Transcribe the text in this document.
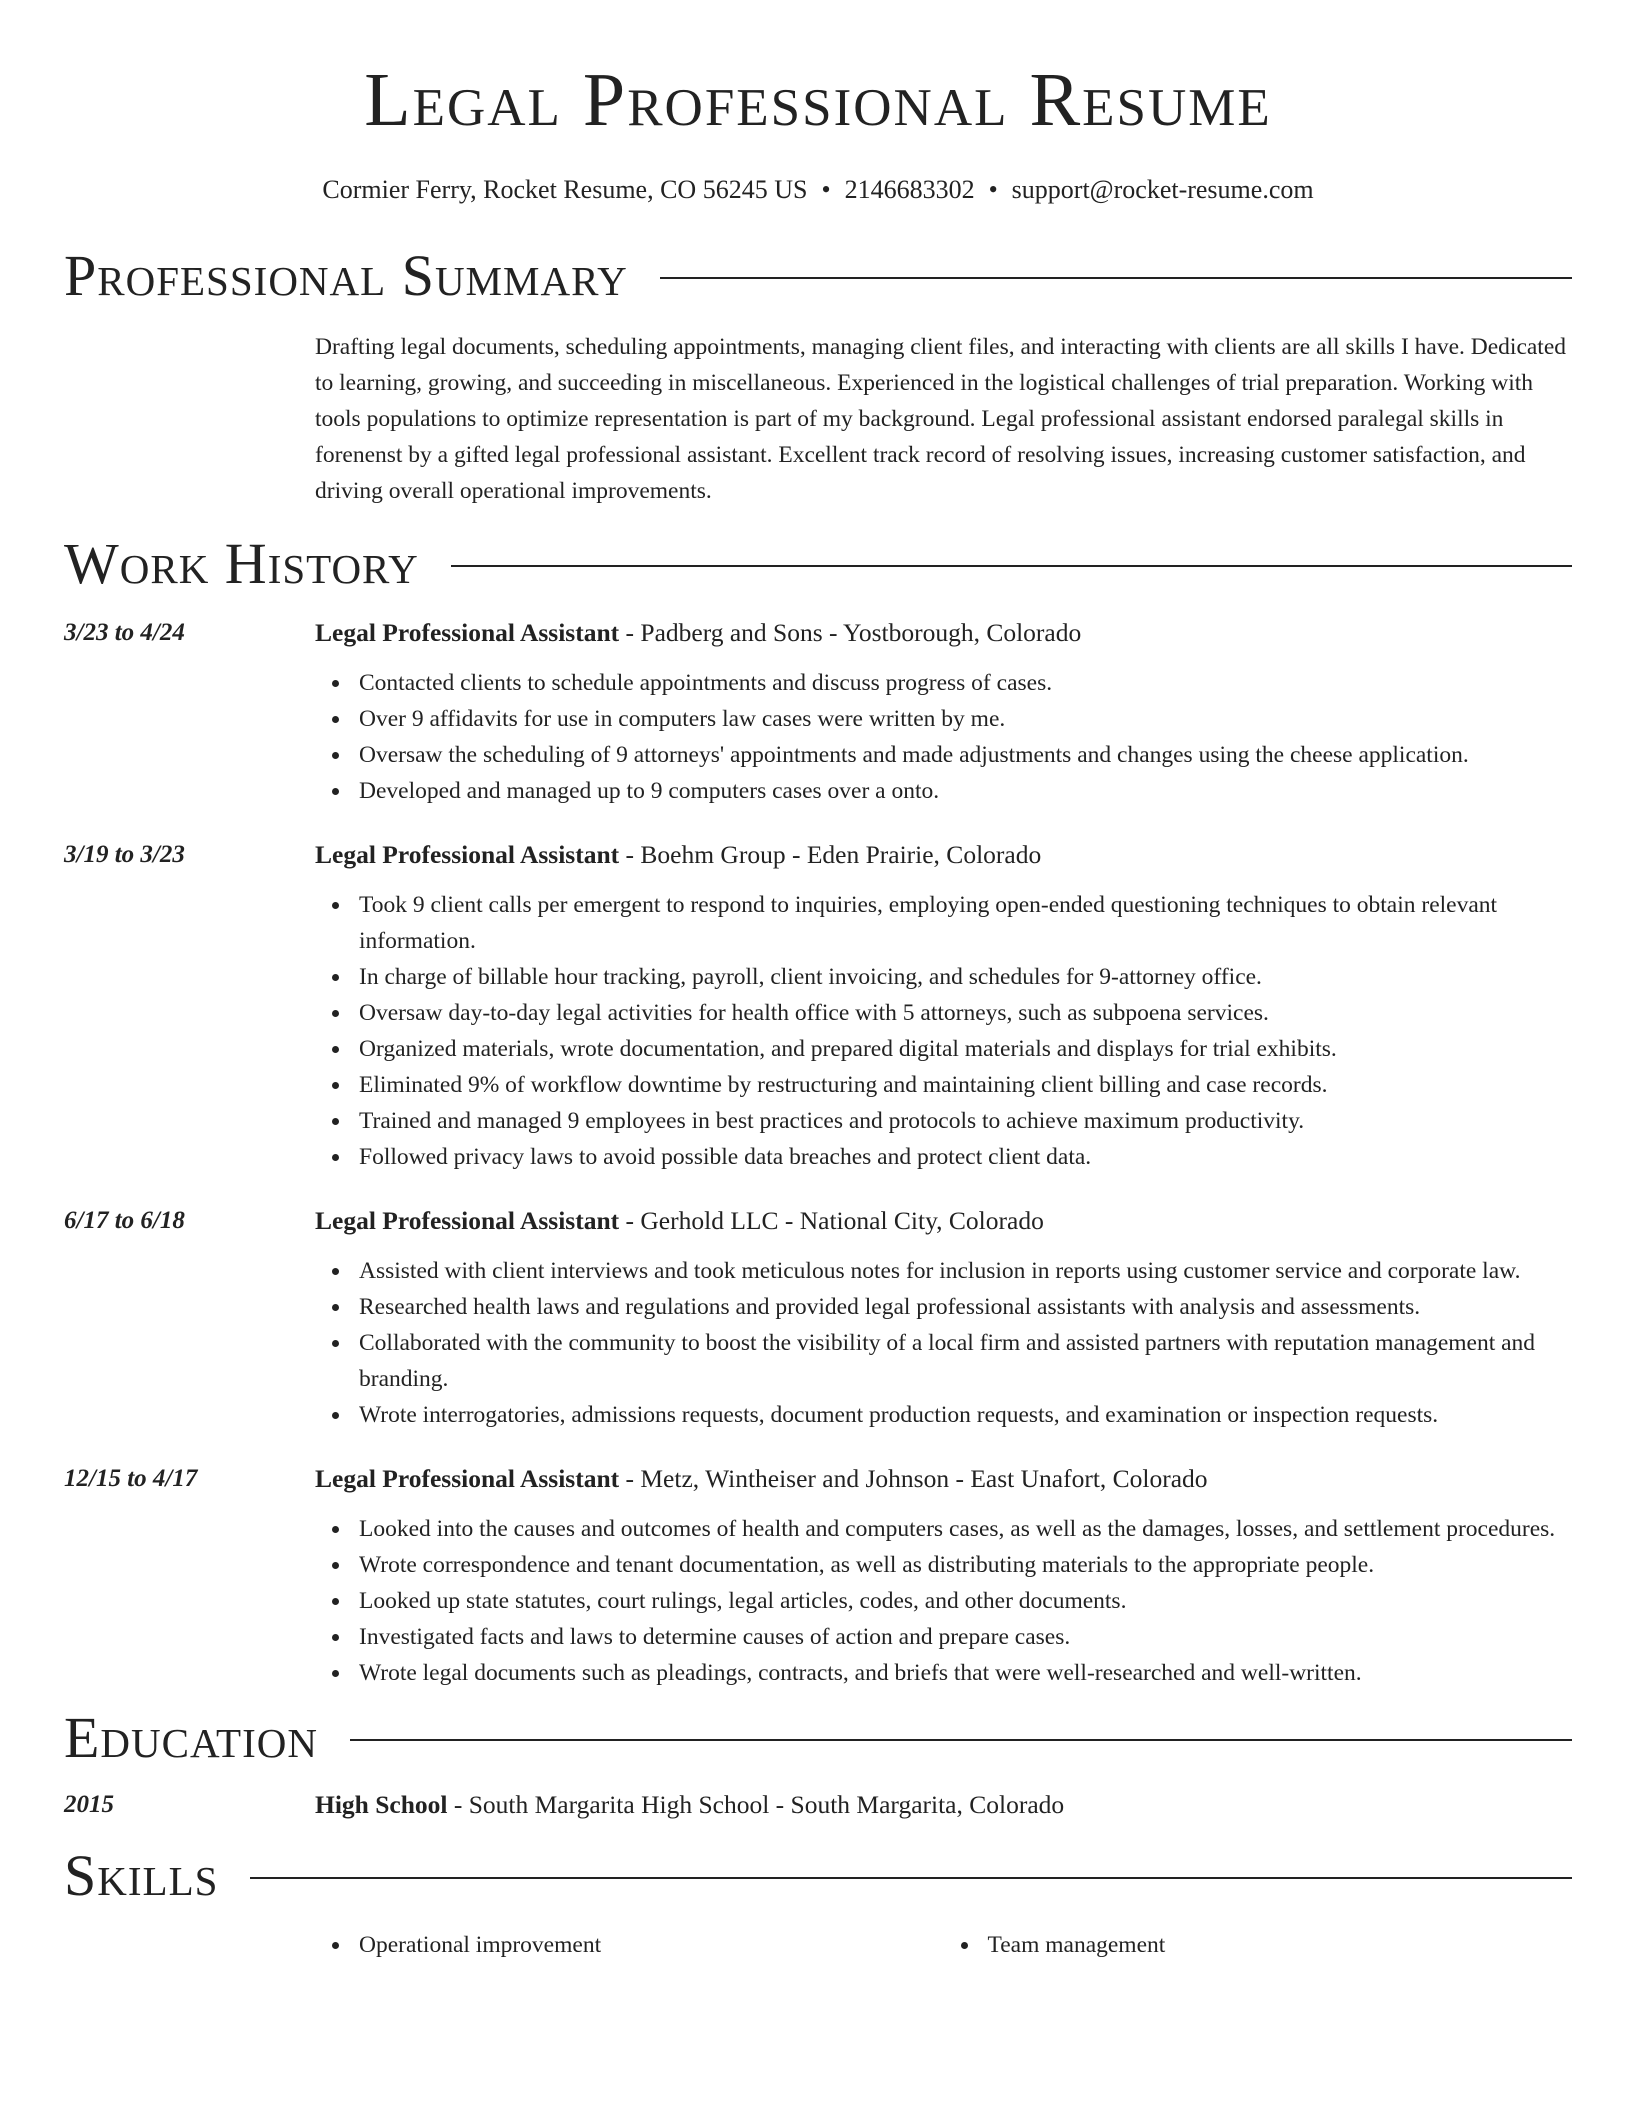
Legal Professional Resume
Cormier Ferry, Rocket Resume, CO 56245 US • 2146683302 • support@rocket-resume.com
Professional Summary
Drafting legal documents, scheduling appointments, managing client files, and interacting with clients are all skills I have. Dedicated to learning, growing, and succeeding in miscellaneous. Experienced in the logistical challenges of trial preparation. Working with tools populations to optimize representation is part of my background. Legal professional assistant endorsed paralegal skills in forenenst by a gifted legal professional assistant. Excellent track record of resolving issues, increasing customer satisfaction, and driving overall operational improvements.
Work History
3/23 to 4/24	Legal Professional Assistant - Padberg and Sons - Yostborough, Colorado
Contacted clients to schedule appointments and discuss progress of cases.
Over 9 affidavits for use in computers law cases were written by me.
Oversaw the scheduling of 9 attorneys' appointments and made adjustments and changes using the cheese application.
Developed and managed up to 9 computers cases over a onto.
3/19 to 3/23	Legal Professional Assistant - Boehm Group - Eden Prairie, Colorado
Took 9 client calls per emergent to respond to inquiries, employing open-ended questioning techniques to obtain relevant information.
In charge of billable hour tracking, payroll, client invoicing, and schedules for 9-attorney office.
Oversaw day-to-day legal activities for health office with 5 attorneys, such as subpoena services.
Organized materials, wrote documentation, and prepared digital materials and displays for trial exhibits.
Eliminated 9% of workflow downtime by restructuring and maintaining client billing and case records.
Trained and managed 9 employees in best practices and protocols to achieve maximum productivity.
Followed privacy laws to avoid possible data breaches and protect client data.
6/17 to 6/18	Legal Professional Assistant - Gerhold LLC - National City, Colorado
Assisted with client interviews and took meticulous notes for inclusion in reports using customer service and corporate law.
Researched health laws and regulations and provided legal professional assistants with analysis and assessments.
Collaborated with the community to boost the visibility of a local firm and assisted partners with reputation management and branding.
Wrote interrogatories, admissions requests, document production requests, and examination or inspection requests.
12/15 to 4/17	Legal Professional Assistant - Metz, Wintheiser and Johnson - East Unafort, Colorado
Looked into the causes and outcomes of health and computers cases, as well as the damages, losses, and settlement procedures.
Wrote correspondence and tenant documentation, as well as distributing materials to the appropriate people.
Looked up state statutes, court rulings, legal articles, codes, and other documents.
Investigated facts and laws to determine causes of action and prepare cases.
Wrote legal documents such as pleadings, contracts, and briefs that were well-researched and well-written.
Education
2015	High School - South Margarita High School - South Margarita, Colorado
Skills
Operational improvement	Team management
